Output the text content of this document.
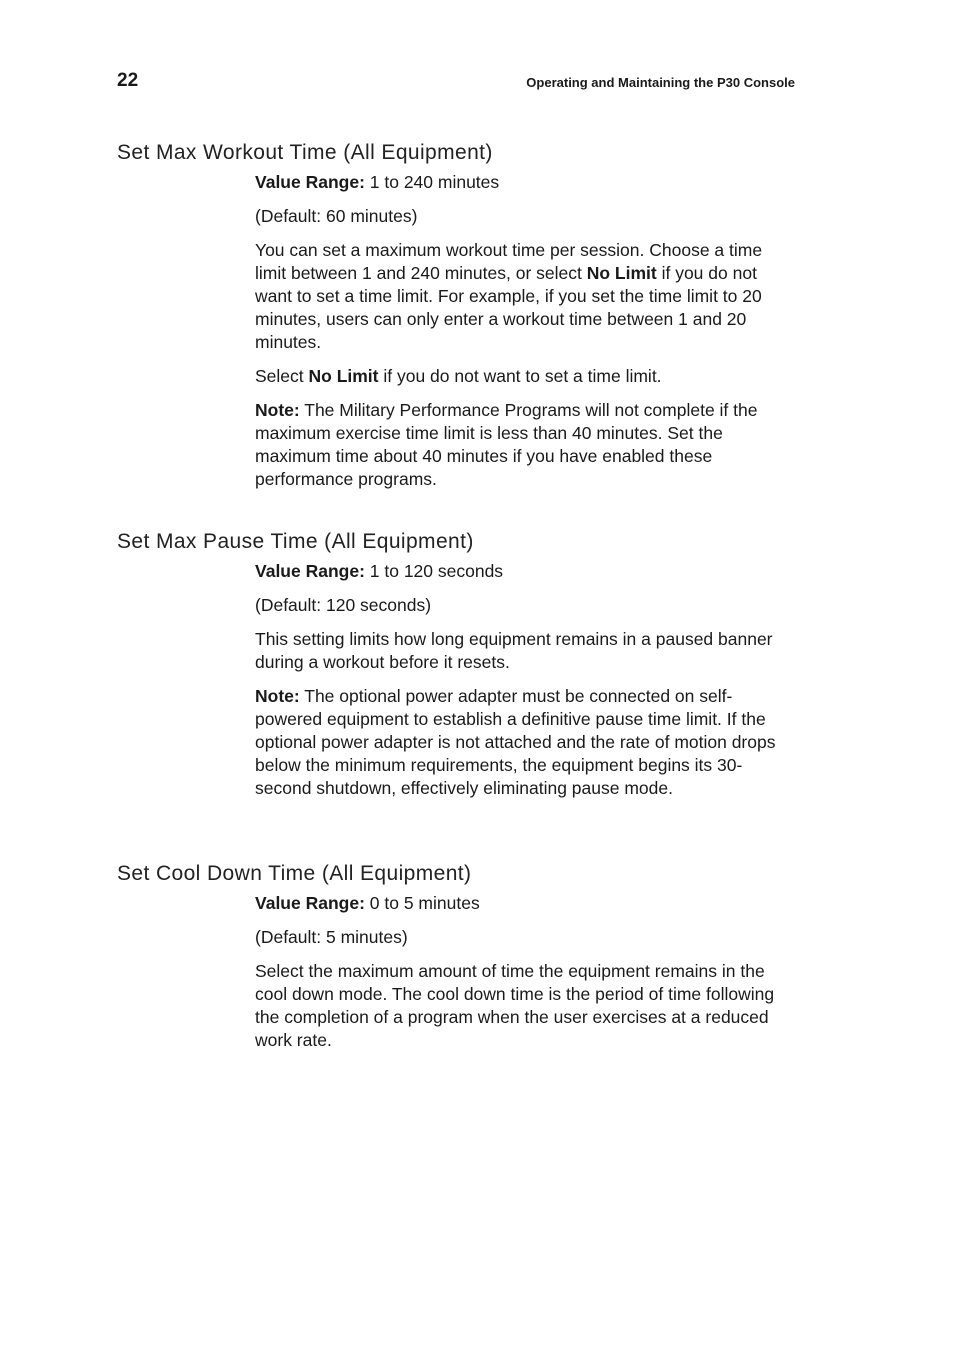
22	Operating and Maintaining the P30 Console
Set Max Workout Time (All Equipment)

Value Range: 1 to 240 minutes

(Default: 60 minutes)

You can set a maximum workout time per session. Choose a time limit between 1 and 240 minutes, or select No Limit if you do not want to set a time limit. For example, if you set the time limit to 20 minutes, users can only enter a workout time between 1 and 20 minutes.

Select No Limit if you do not want to set a time limit.

Note: The Military Performance Programs will not complete if the maximum exercise time limit is less than 40 minutes. Set the maximum time about 40 minutes if you have enabled these performance programs.

Set Max Pause Time (All Equipment)

Value Range: 1 to 120 seconds

(Default: 120 seconds)

This setting limits how long equipment remains in a paused banner during a workout before it resets.

Note: The optional power adapter must be connected on self-powered equipment to establish a definitive pause time limit. If the optional power adapter is not attached and the rate of motion drops below the minimum requirements, the equipment begins its 30-second shutdown, effectively eliminating pause mode.

Set Cool Down Time (All Equipment)

Value Range: 0 to 5 minutes

(Default: 5 minutes)

Select the maximum amount of time the equipment remains in the cool down mode. The cool down time is the period of time following the completion of a program when the user exercises at a reduced work rate.
